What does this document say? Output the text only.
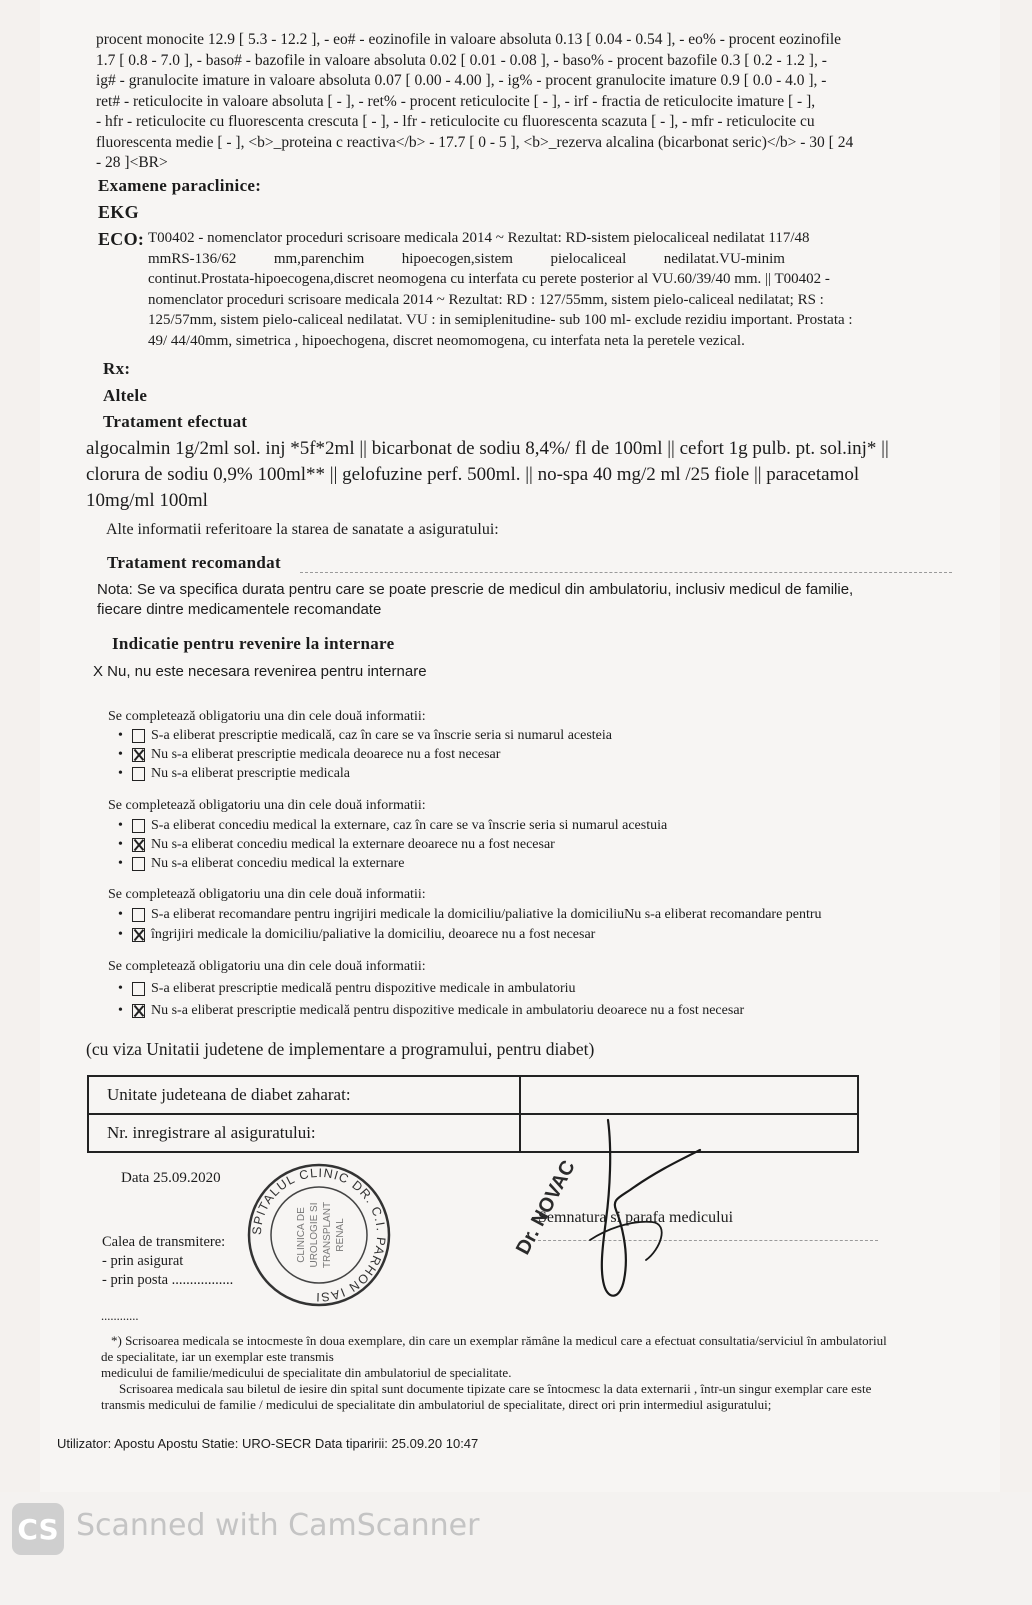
procent monocite 12.9 [ 5.3 - 12.2 ], - eo# - eozinofile in valoare absoluta 0.13 [ 0.04 - 0.54 ], - eo% - procent eozinofile
1.7 [ 0.8 - 7.0 ], - baso# - bazofile in valoare absoluta 0.02 [ 0.01 - 0.08 ], - baso% - procent bazofile 0.3 [ 0.2 - 1.2 ], -
ig# - granulocite imature in valoare absoluta 0.07 [ 0.00 - 4.00 ], - ig% - procent granulocite imature 0.9 [ 0.0 - 4.0 ], -
ret# - reticulocite in valoare absoluta [ - ], - ret% - procent reticulocite [ - ], - irf - fractia de reticulocite imature [ - ],
- hfr - reticulocite cu fluorescenta crescuta [ - ], - lfr - reticulocite cu fluorescenta scazuta [ - ], - mfr - reticulocite cu
fluorescenta medie [ - ], <b>_proteina c reactiva</b> - 17.7 [ 0 - 5 ], <b>_rezerva alcalina (bicarbonat seric)</b> - 30 [ 24
- 28 ]<BR>
Examene paraclinice:
EKG
ECO: T00402 - nomenclator proceduri scrisoare medicala 2014 ~ Rezultat: RD-sistem pielocaliceal nedilatat 117/48
mmRS-136/62          mm,parenchim          hipoecogen,sistem          pielocaliceal          nedilatat.VU-minim
continut.Prostata-hipoecogena,discret neomogena cu interfata cu perete posterior al VU.60/39/40 mm. || T00402 -
nomenclator proceduri scrisoare medicala 2014 ~ Rezultat: RD : 127/55mm, sistem pielo-caliceal nedilatat; RS :
125/57mm, sistem pielo-caliceal nedilatat. VU : in semiplenitudine- sub 100 ml- exclude rezidiu important. Prostata :
49/ 44/40mm, simetrica , hipoechogena, discret neomomogena, cu interfata neta la peretele vezical.
Rx:
Altele
Tratament efectuat
algocalmin 1g/2ml sol. inj *5f*2ml || bicarbonat de sodiu 8,4%/ fl de 100ml || cefort 1g pulb. pt. sol.inj* ||
clorura de sodiu 0,9% 100ml** || gelofuzine perf. 500ml. || no-spa 40 mg/2 ml /25 fiole || paracetamol
10mg/ml 100ml
Alte informatii referitoare la starea de sanatate a asiguratului:
Tratament recomandat
Nota: Se va specifica durata pentru care se poate prescrie de medicul din ambulatoriu, inclusiv medicul de familie,
fiecare dintre medicamentele recomandate
Indicatie pentru revenire la internare
X Nu, nu este necesara revenirea pentru internare
Se completează obligatoriu una din cele două informatii:
•	S-a eliberat prescriptie medicală, caz în care se va înscrie seria si numarul acesteia
•	Nu s-a eliberat prescriptie medicala deoarece nu a fost necesar
•	Nu s-a eliberat prescriptie medicala
Se completează obligatoriu una din cele două informatii:
•	S-a eliberat concediu medical la externare, caz în care se va înscrie seria si numarul acestuia
•	Nu s-a eliberat concediu medical la externare deoarece nu a fost necesar
•	Nu s-a eliberat concediu medical la externare
Se completează obligatoriu una din cele două informatii:
•	S-a eliberat recomandare pentru ingrijiri medicale la domiciliu/paliative la domiciliuNu s-a eliberat recomandare pentru
•	îngrijiri medicale la domiciliu/paliative la domiciliu, deoarece nu a fost necesar
Se completează obligatoriu una din cele două informatii:
•	S-a eliberat prescriptie medicală pentru dispozitive medicale in ambulatoriu
•	Nu s-a eliberat prescriptie medicală pentru dispozitive medicale in ambulatoriu deoarece nu a fost necesar
(cu viza Unitatii judetene de implementare a programului, pentru diabet)
Unitate judeteana de diabet zaharat:	
Nr. inregistrare al asiguratului:	
Data 25.09.2020
Calea de transmitere:
- prin asigurat
- prin posta .................
SPITALUL CLINIC DR. C.I. PARHON IASI
CLINICA DE UROLOGIE SI TRANSPLANT RENAL
Semnatura si parafa medicului
Dr. NOVAC
............
*) Scrisoarea medicala se intocmeste în doua exemplare, din care un exemplar rămâne la medicul care a efectuat consultatia/serviciul în ambulatoriul
de specialitate, iar un exemplar este transmis
medicului de familie/medicului de specialitate din ambulatoriul de specialitate.
Scrisoarea medicala sau biletul de iesire din spital sunt documente tipizate care se întocmesc la data externarii , într-un singur exemplar care este
transmis medicului de familie / medicului de specialitate din ambulatoriul de specialitate, direct ori prin intermediul asiguratului;
Utilizator: Apostu Apostu Statie: URO-SECR Data tiparirii: 25.09.20 10:47
CS Scanned with CamScanner
